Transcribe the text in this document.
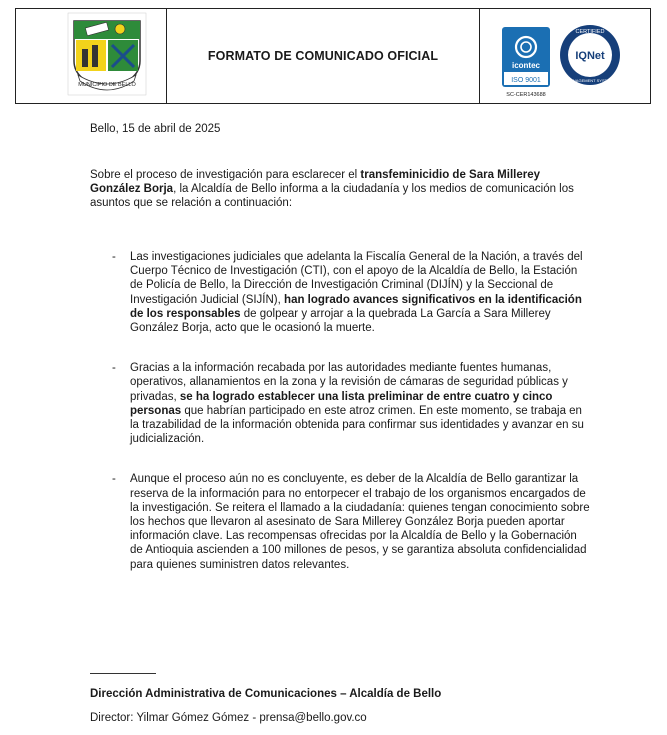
MUNICIPIO DE BELLO
FORMATO DE COMUNICADO OFICIAL
icontec
ISO 9001
SC-CER143688
CERTIFIED
IQNet
MANAGEMENT SYSTEM
Bello, 15 de abril de 2025
Sobre el proceso de investigación para esclarecer el transfeminicidio de Sara Millerey González Borja, la Alcaldía de Bello informa a la ciudadanía y los medios de comunicación los asuntos que se relación a continuación:
-	Las investigaciones judiciales que adelanta la Fiscalía General de la Nación, a través del Cuerpo Técnico de Investigación (CTI), con el apoyo de la Alcaldía de Bello, la Estación de Policía de Bello, la Dirección de Investigación Criminal (DIJÍN) y la Seccional de Investigación Judicial (SIJÍN), han logrado avances significativos en la identificación de los responsables de golpear y arrojar a la quebrada La García a Sara Millerey González Borja, acto que le ocasionó la muerte.
-	Gracias a la información recabada por las autoridades mediante fuentes humanas, operativos, allanamientos en la zona y la revisión de cámaras de seguridad públicas y privadas, se ha logrado establecer una lista preliminar de entre cuatro y cinco personas que habrían participado en este atroz crimen. En este momento, se trabaja en la trazabilidad de la información obtenida para confirmar sus identidades y avanzar en su judicialización.
-	Aunque el proceso aún no es concluyente, es deber de la Alcaldía de Bello garantizar la reserva de la información para no entorpecer el trabajo de los organismos encargados de la investigación. Se reitera el llamado a la ciudadanía: quienes tengan conocimiento sobre los hechos que llevaron al asesinato de Sara Millerey González Borja pueden aportar información clave. Las recompensas ofrecidas por la Alcaldía de Bello y la Gobernación de Antioquia ascienden a 100 millones de pesos, y se garantiza absoluta confidencialidad para quienes suministren datos relevantes.
Dirección Administrativa de Comunicaciones – Alcaldía de Bello
Director: Yilmar Gómez Gómez - prensa@bello.gov.co
